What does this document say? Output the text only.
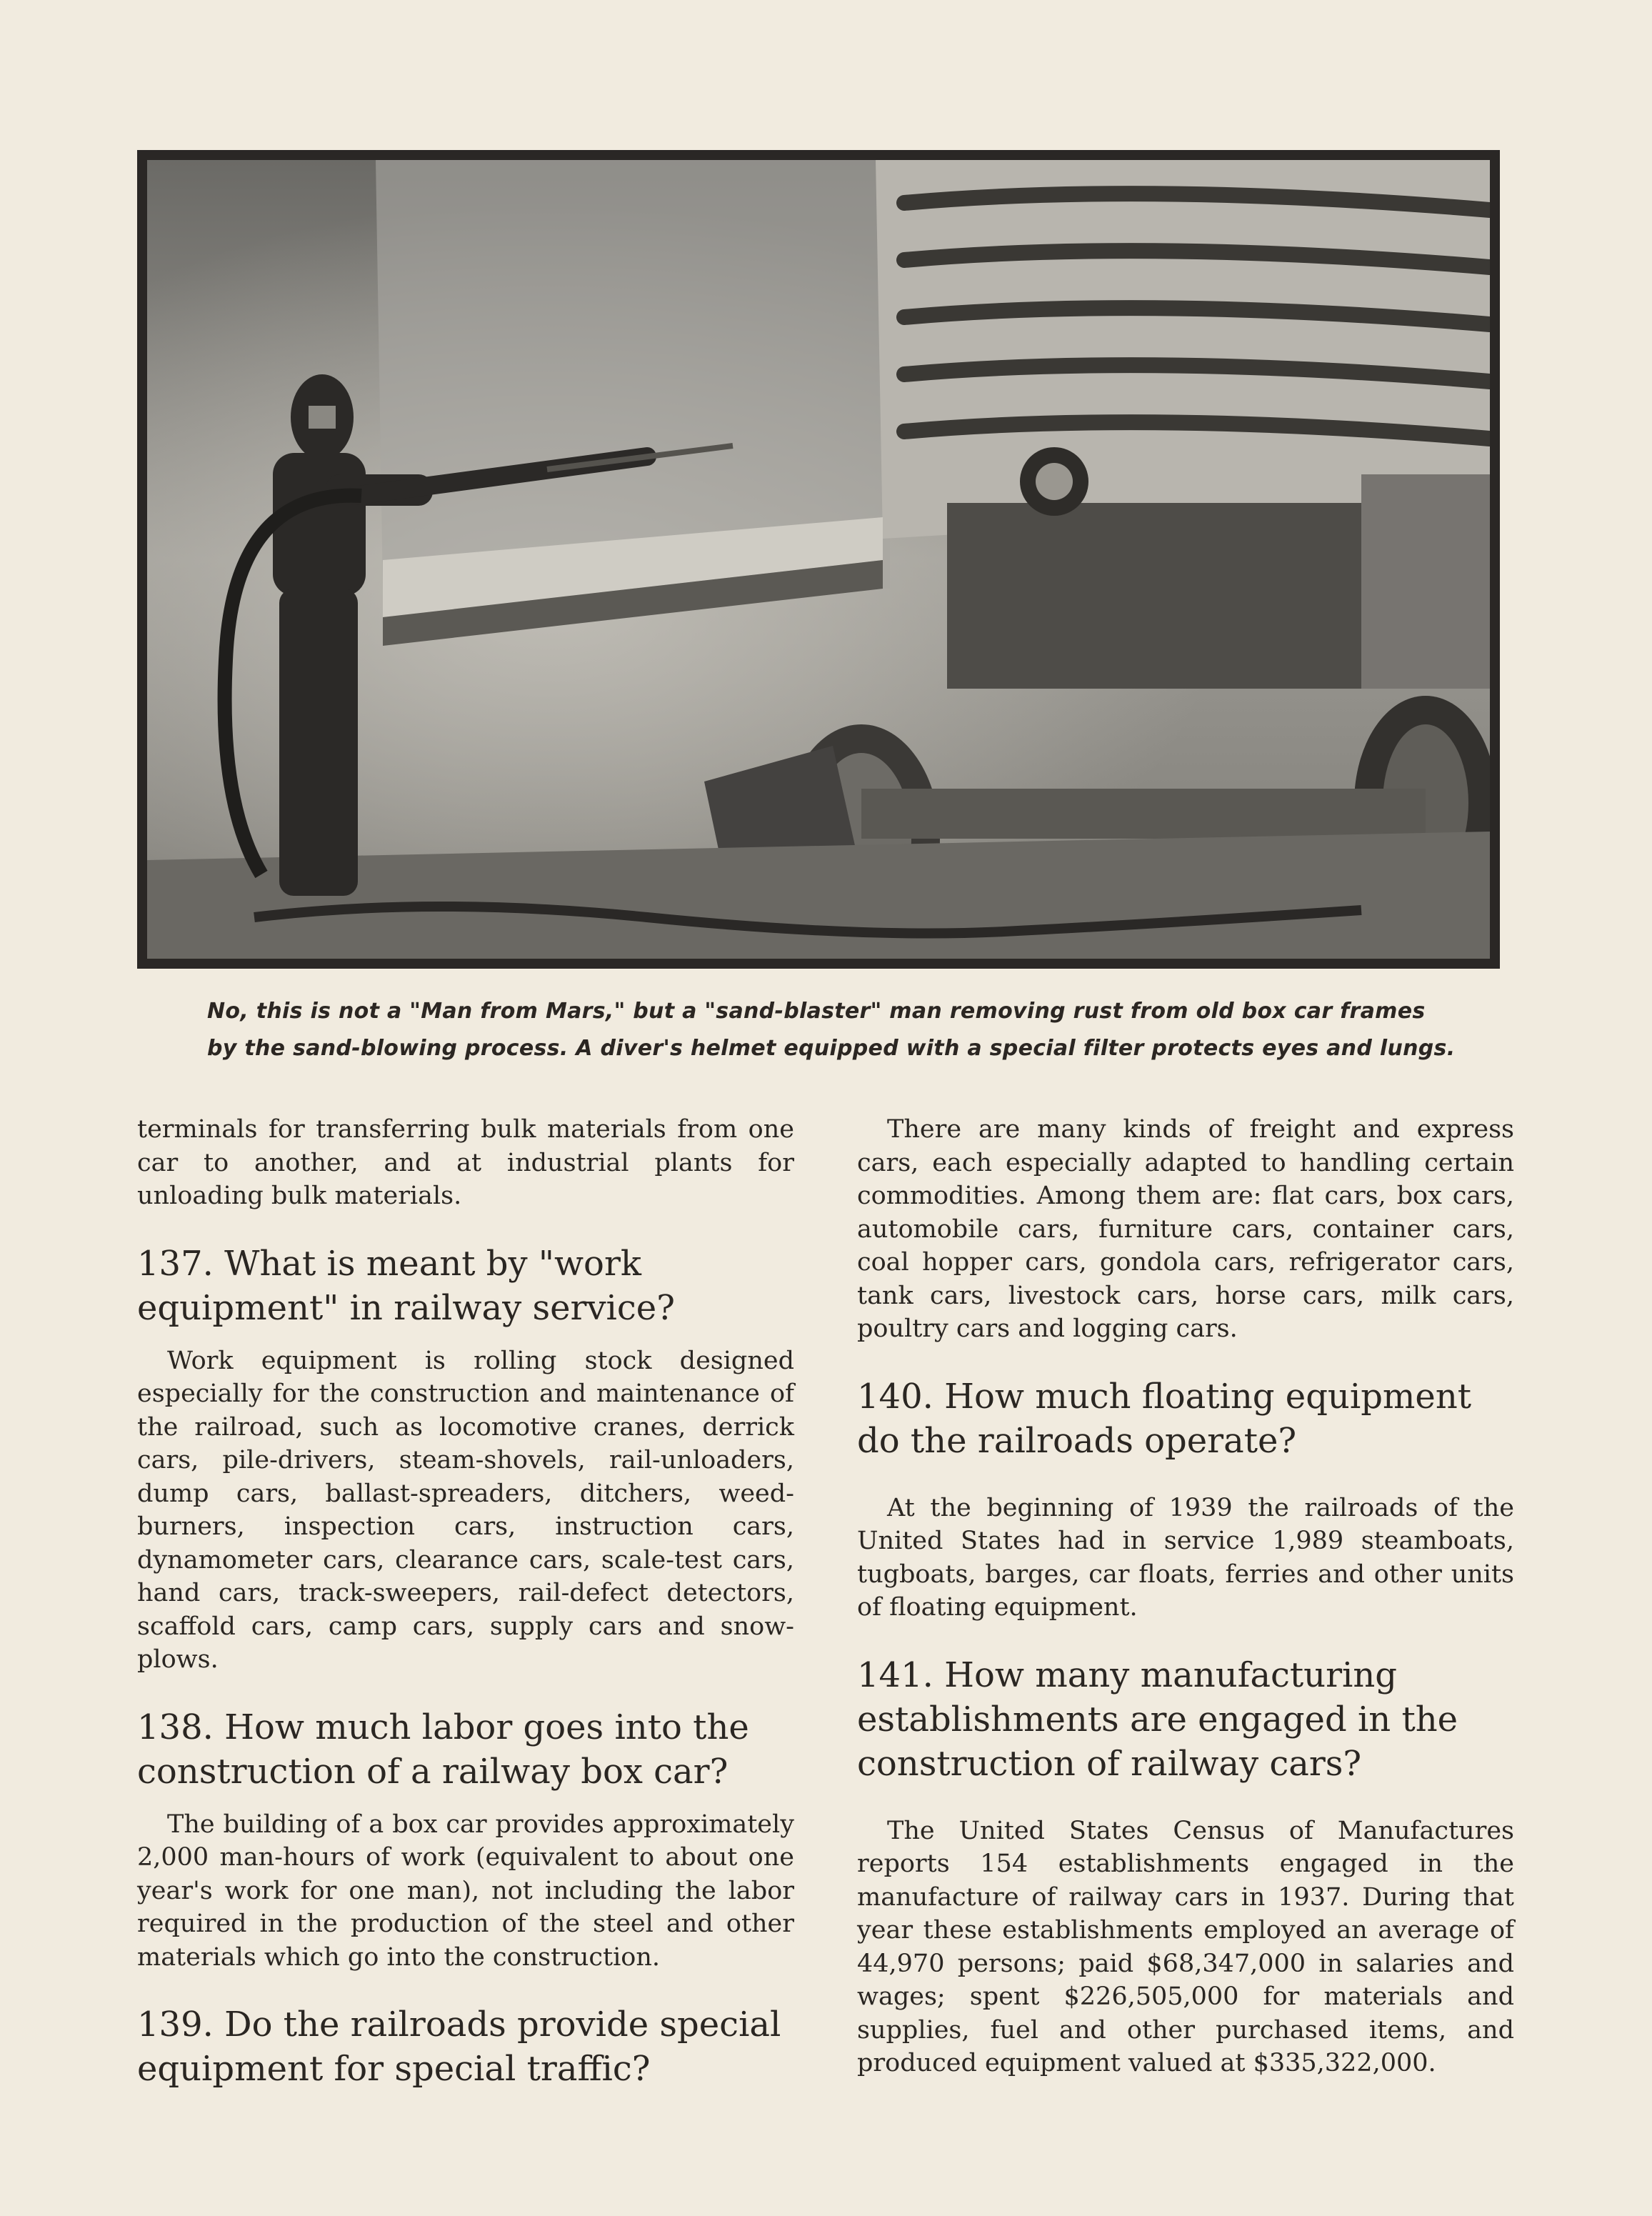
No, this is not a "Man from Mars," but a "sand-blaster" man removing rust from old box car frames
by the sand-blowing process. A diver's helmet equipped with a special filter protects eyes and lungs.

terminals for transferring bulk materials from one car to another, and at industrial plants for unloading bulk materials.

137. What is meant by "work equipment" in railway service?

Work equipment is rolling stock designed especially for the construction and maintenance of the railroad, such as locomotive cranes, derrick cars, pile-drivers, steam-shovels, rail-unloaders, dump cars, ballast-spreaders, ditchers, weed-burners, inspection cars, instruction cars, dynamometer cars, clearance cars, scale-test cars, hand cars, track-sweepers, rail-defect detectors, scaffold cars, camp cars, supply cars and snow-plows.

138. How much labor goes into the construction of a railway box car?

The building of a box car provides approximately 2,000 man-hours of work (equivalent to about one year's work for one man), not including the labor required in the production of the steel and other materials which go into the construction.

139. Do the railroads provide special equipment for special traffic?

There are many kinds of freight and express cars, each especially adapted to handling certain commodities. Among them are: flat cars, box cars, automobile cars, furniture cars, container cars, coal hopper cars, gondola cars, refrigerator cars, tank cars, livestock cars, horse cars, milk cars, poultry cars and logging cars.

140. How much floating equipment do the railroads operate?

At the beginning of 1939 the railroads of the United States had in service 1,989 steamboats, tugboats, barges, car floats, ferries and other units of floating equipment.

141. How many manufacturing establishments are engaged in the construction of railway cars?

The United States Census of Manufactures reports 154 establishments engaged in the manufacture of railway cars in 1937. During that year these establishments employed an average of 44,970 persons; paid $68,347,000 in salaries and wages; spent $226,505,000 for materials and supplies, fuel and other purchased items, and produced equipment valued at $335,322,000.
